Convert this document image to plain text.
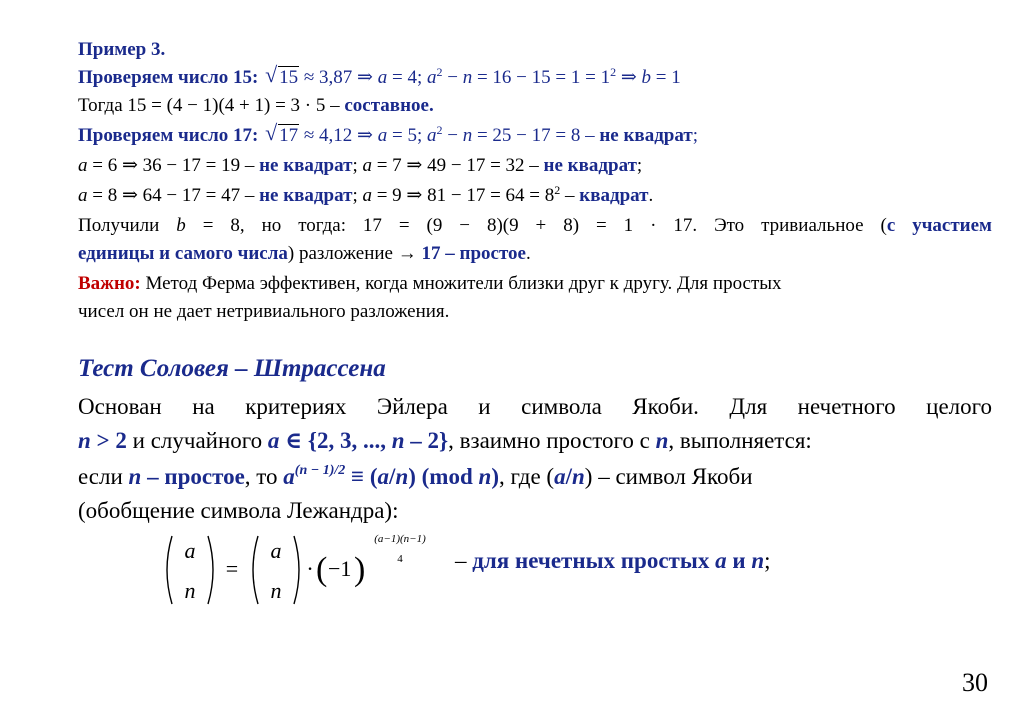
Пример 3.
Проверяем число 15: √ 15 ≈ 3,87 ⇒ a = 4; $a^2 - n = 16 - 15 = 1 = 1^2$ ⇒ b = 1
Тогда 15 = (4 − 1)(4 + 1) = 3 · 5 – составное.
Проверяем число 17: √ 17 ≈ 4,12 ⇒ a = 5; $a^2 - n = 25 - 17 = 8$ – не квадрат;
a = 6 ⇒ 36 − 17 = 19 – не квадрат; a = 7 ⇒ 49 − 17 = 32 – не квадрат;
a = 8 ⇒ 64 − 17 = 47 – не квадрат; a = 9 ⇒ $81 - 17 = 64 = 8^2$ – квадрат.
Получили b = 8, но тогда: 17 = (9 − 8)(9 + 8) = 1 · 17. Это тривиальное (с участием
единицы и самого числа) разложение → 17 – простое.
Важно: Метод Ферма эффективен, когда множители близки друг к другу. Для простых
чисел он не дает нетривиального разложения.
Тест Соловея – Штрассена
Основан на критериях Эйлера и символа Якоби. Для нечетного целого
n > 2 и случайного a ∈ {2, 3, ..., n – 2}, взаимно простого с n, выполняется:
если n – простое, то $a^{(n - 1)/2} \equiv (a/n)$ (mod n), где (a/n) – символ Якоби
(обобщение символа Лежандра):
a
n
=
a
n
· ( −1 )
(a−1)(n−1)
4 – для нечетных простых a и n;
30
